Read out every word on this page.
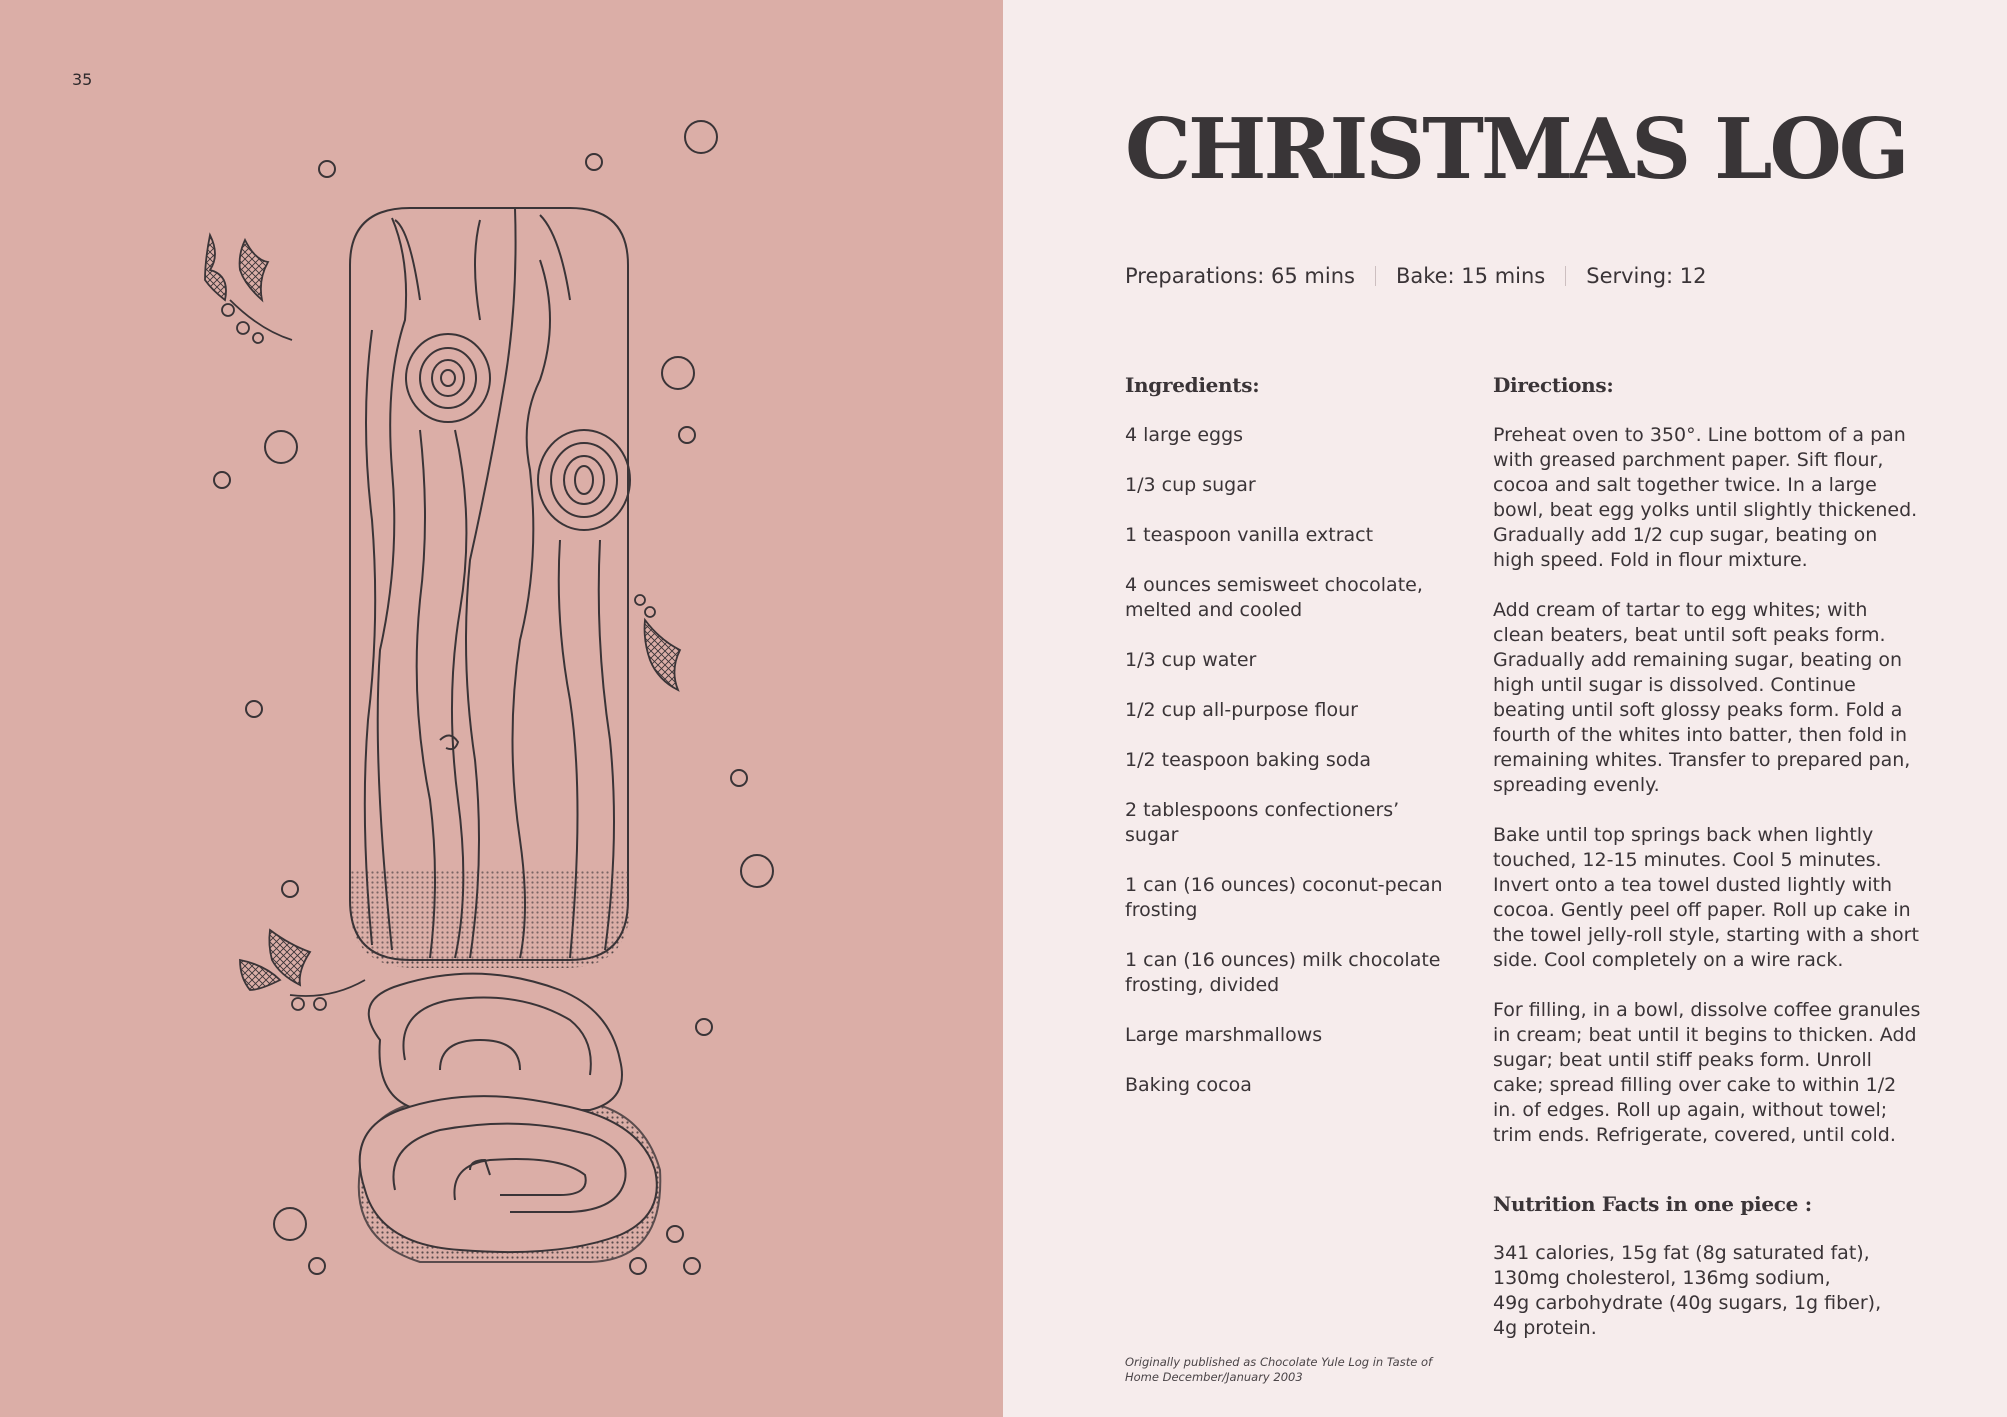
35
CHRISTMAS LOG
Preparations: 65 mins Bake: 15 mins Serving: 12
Ingredients:
4 large eggs
1/3 cup sugar
1 teaspoon vanilla extract
4 ounces semisweet chocolate, melted and cooled
1/3 cup water
1/2 cup all-purpose flour
1/2 teaspoon baking soda
2 tablespoons confectioners’ sugar
1 can (16 ounces) coconut-pecan frosting
1 can (16 ounces) milk chocolate frosting, divided
Large marshmallows
Baking cocoa
Directions:

Preheat oven to 350°. Line bottom of a pan with greased parchment paper. Sift flour, cocoa and salt together twice. In a large bowl, beat egg yolks until slightly thickened. Gradually add 1/2 cup sugar, beating on high speed. Fold in flour mixture.

Add cream of tartar to egg whites; with clean beaters, beat until soft peaks form. Gradually add remaining sugar, beating on high until sugar is dissolved. Continue beating until soft glossy peaks form. Fold a fourth of the whites into batter, then fold in remaining whites. Transfer to prepared pan, spreading evenly.

Bake until top springs back when lightly touched, 12-15 minutes. Cool 5 minutes. Invert onto a tea towel dusted lightly with cocoa. Gently peel off paper. Roll up cake in the towel jelly-roll style, starting with a short side. Cool completely on a wire rack.

For filling, in a bowl, dissolve coffee granules in cream; beat until it begins to thicken. Add sugar; beat until stiff peaks form. Unroll cake; spread filling over cake to within 1/2 in. of edges. Roll up again, without towel; trim ends. Refrigerate, covered, until cold.

Nutrition Facts in one piece :
341 calories, 15g fat (8g saturated fat),
130mg cholesterol, 136mg sodium,
49g carbohydrate (40g sugars, 1g fiber),
4g protein.
Originally published as Chocolate Yule Log in Taste of Home December/January 2003
